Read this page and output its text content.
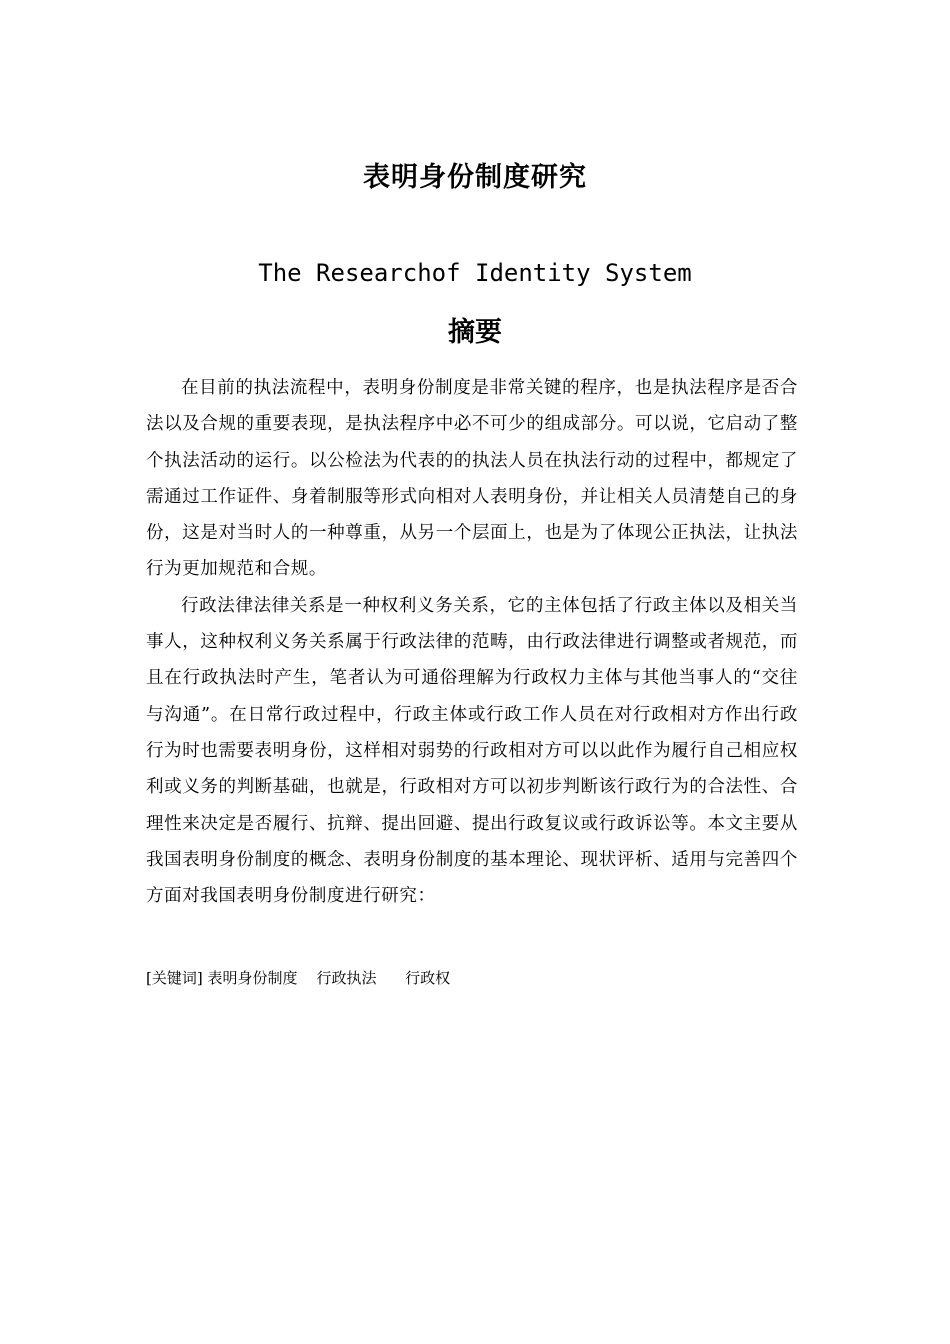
表明身份制度研究
The Researchof Identity System
摘要

在目前的执法流程中，表明身份制度是非常关键的程序，也是执法程序是否合法以及合规的重要表现，是执法程序中必不可少的组成部分。可以说，它启动了整个执法活动的运行。以公检法为代表的的执法人员在执法行动的过程中，都规定了需通过工作证件、身着制服等形式向相对人表明身份，并让相关人员清楚自己的身份，这是对当时人的一种尊重，从另一个层面上，也是为了体现公正执法，让执法行为更加规范和合规。

行政法律法律关系是一种权利义务关系，它的主体包括了行政主体以及相关当事人，这种权利义务关系属于行政法律的范畴，由行政法律进行调整或者规范，而且在行政执法时产生，笔者认为可通俗理解为行政权力主体与其他当事人的“交往与沟通”。在日常行政过程中，行政主体或行政工作人员在对行政相对方作出行政行为时也需要表明身份，这样相对弱势的行政相对方可以以此作为履行自己相应权利或义务的判断基础，也就是，行政相对方可以初步判断该行政行为的合法性、合理性来决定是否履行、抗辩、提出回避、提出行政复议或行政诉讼等。本文主要从我国表明身份制度的概念、表明身份制度的基本理论、现状评析、适用与完善四个方面对我国表明身份制度进行研究：

[关键词] 表明身份制度    行政执法      行政权
